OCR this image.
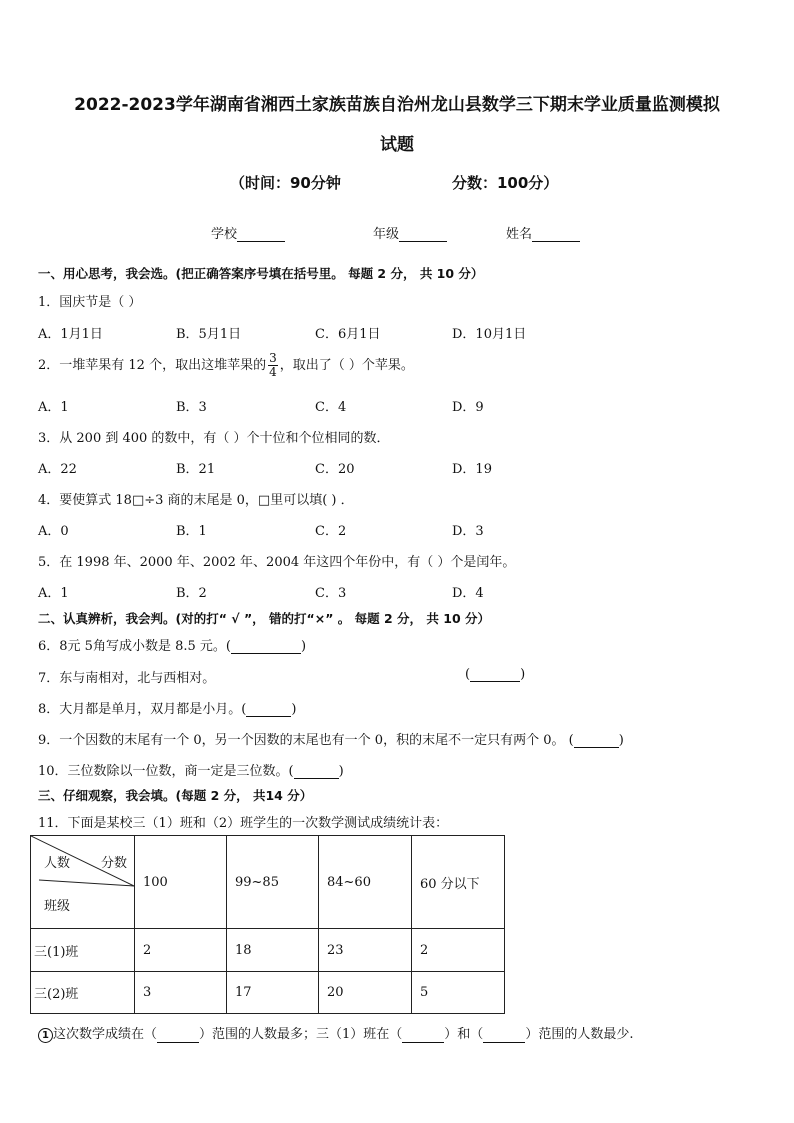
2022-2023学年湖南省湘西土家族苗族自治州龙山县数学三下期末学业质量监测模拟
试题
（时间：90分钟	分数：100分）
学校	年级	姓名
一、用心思考，我会选。(把正确答案序号填在括号里。 每题 2 分， 共 10 分）
1．国庆节是（ ）
A．1月1日	B．5月1日	C．6月1日	D．10月1日
2．一堆苹果有 12 个，取出这堆苹果的 $\frac{3}{4}$ ，取出了（ ）个苹果。
A．1	B．3	C．4	D．9
3．从 200 到 400 的数中，有（ ）个十位和个位相同的数．
A．22	B．21	C．20	D．19
4．要使算式 18□÷3 商的末尾是 0，□里可以填( ) ．
A．0	B．1	C．2	D．3
5．在 1998 年、2000 年、2002 年、2004 年这四个年份中，有（ ）个是闰年。
A．1	B．2	C．3	D．4
二、认真辨析，我会判。(对的打“ √ ”， 错的打“×” 。 每题 2 分， 共 10 分）
6．8元 5角写成小数是 8.5 元。(	)
7．东与南相对，北与西相对。	(	)
8．大月都是单月，双月都是小月。(	)
9．一个因数的末尾有一个 0，另一个因数的末尾也有一个 0，积的末尾不一定只有两个 0。 (	)
10．三位数除以一位数，商一定是三位数。(	)
三、仔细观察，我会填。(每题 2 分， 共14 分）
11．下面是某校三（1）班和（2）班学生的一次数学测试成绩统计表：
人数 分数
班级	100	99~85	84~60	60 分以下
三(1)班	2	18	23	2
三(2)班	3	17	20	5
1 这次数学成绩在（	）范围的人数最多；三（1）班在（	）和（	）范围的人数最少.
